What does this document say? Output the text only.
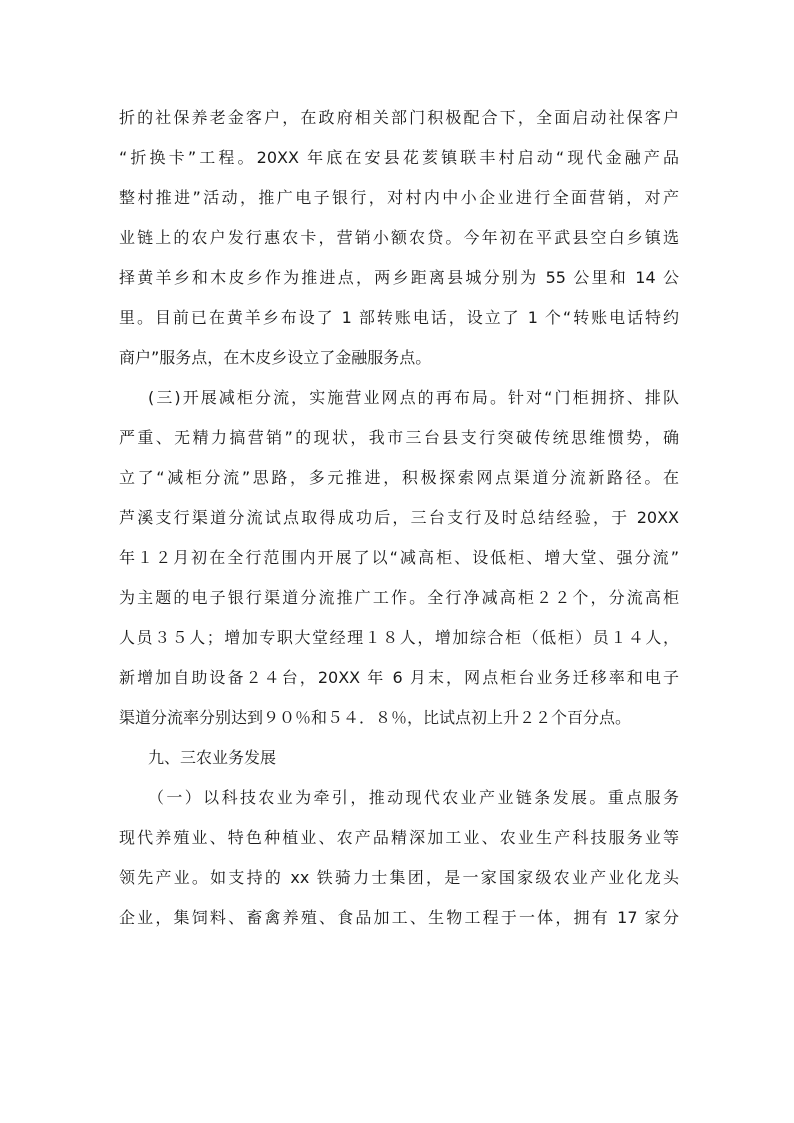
折的社保养老金客户，在政府相关部门积极配合下，全面启动社保客户
“折换卡”工程。20XX 年底在安县花荄镇联丰村启动“现代金融产品
整村推进”活动，推广电子银行，对村内中小企业进行全面营销，对产
业链上的农户发行惠农卡，营销小额农贷。今年初在平武县空白乡镇选
择黄羊乡和木皮乡作为推进点，两乡距离县城分别为 55 公里和 14 公
里。目前已在黄羊乡布设了 1 部转账电话，设立了 1 个“转账电话特约
商户”服务点，在木皮乡设立了金融服务点。
(三)开展减柜分流，实施营业网点的再布局。针对“门柜拥挤、排队
严重、无精力搞营销”的现状，我市三台县支行突破传统思维惯势，确
立了“减柜分流”思路，多元推进，积极探索网点渠道分流新路径。在
芦溪支行渠道分流试点取得成功后，三台支行及时总结经验，于 20XX
年１２月初在全行范围内开展了以“减高柜、设低柜、增大堂、强分流”
为主题的电子银行渠道分流推广工作。全行净减高柜２２个，分流高柜
人员３５人；增加专职大堂经理１８人，增加综合柜（低柜）员１４人，
新增加自助设备２４台，20XX 年 6 月末，网点柜台业务迁移率和电子
渠道分流率分别达到９０％和５４．８％，比试点初上升２２个百分点。
九、三农业务发展
（一）以科技农业为牵引，推动现代农业产业链条发展。重点服务
现代养殖业、特色种植业、农产品精深加工业、农业生产科技服务业等
领先产业。如支持的 xx 铁骑力士集团，是一家国家级农业产业化龙头
企业，集饲料、畜禽养殖、食品加工、生物工程于一体，拥有 17 家分
